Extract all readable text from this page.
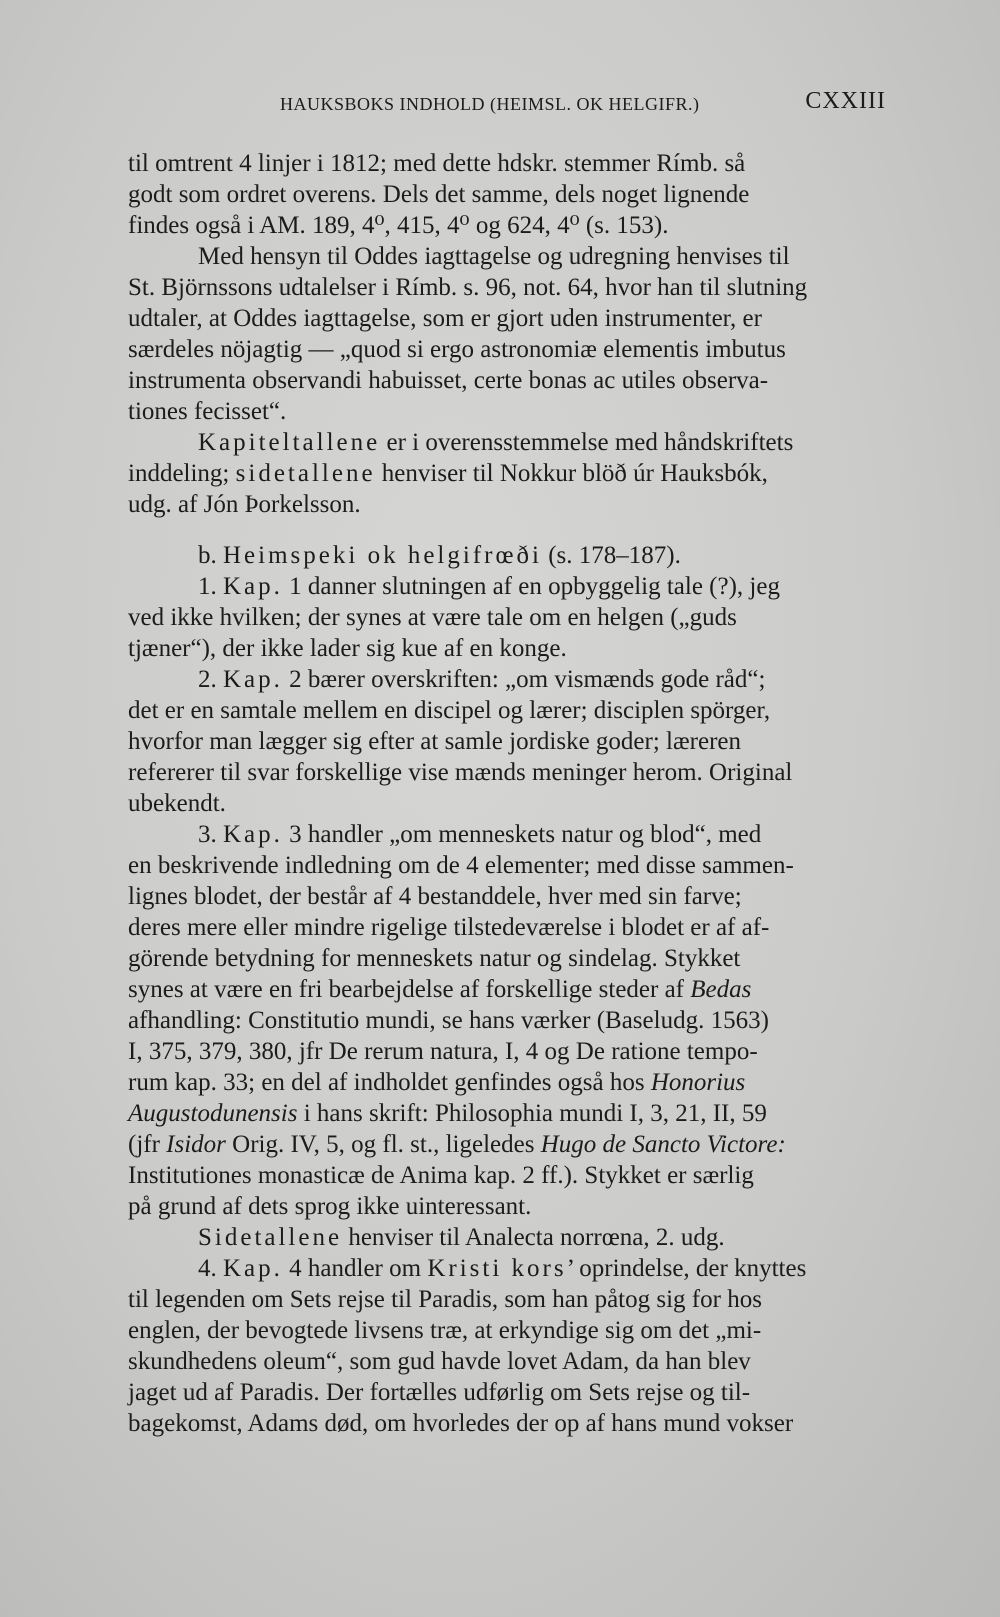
HAUKSBOKS INDHOLD (HEIMSL. OK HELGIFR.)	CXXIII
til omtrent 4 linjer i 1812; med dette hdskr. stemmer Rímb. så
godt som ordret overens. Dels det samme, dels noget lignende
findes også i AM. 189, 4⁰, 415, 4⁰ og 624, 4⁰ (s. 153).
Med hensyn til Oddes iagttagelse og udregning henvises til
St. Björnssons udtalelser i Rímb. s. 96, not. 64, hvor han til slutning
udtaler, at Oddes iagttagelse, som er gjort uden instrumenter, er
særdeles nöjagtig — „quod si ergo astronomiæ elementis imbutus
instrumenta observandi habuisset, certe bonas ac utiles observa-
tiones fecisset“.
Kapiteltallene er i overensstemmelse med håndskriftets
inddeling; sidetallene henviser til Nokkur blöð úr Hauksbók,
udg. af Jón Þorkelsson.
b. Heimspeki ok helgifrœði (s. 178–187).
1. Kap. 1 danner slutningen af en opbyggelig tale (?), jeg
ved ikke hvilken; der synes at være tale om en helgen („guds
tjæner“), der ikke lader sig kue af en konge.
2. Kap. 2 bærer overskriften: „om vismænds gode råd“;
det er en samtale mellem en discipel og lærer; disciplen spörger,
hvorfor man lægger sig efter at samle jordiske goder; læreren
refererer til svar forskellige vise mænds meninger herom. Original
ubekendt.
3. Kap. 3 handler „om menneskets natur og blod“, med
en beskrivende indledning om de 4 elementer; med disse sammen-
lignes blodet, der består af 4 bestanddele, hver med sin farve;
deres mere eller mindre rigelige tilstedeværelse i blodet er af af-
görende betydning for menneskets natur og sindelag. Stykket
synes at være en fri bearbejdelse af forskellige steder af Bedas
afhandling: Constitutio mundi, se hans værker (Baseludg. 1563)
I, 375, 379, 380, jfr De rerum natura, I, 4 og De ratione tempo-
rum kap. 33; en del af indholdet genfindes også hos Honorius
Augustodunensis i hans skrift: Philosophia mundi I, 3, 21, II, 59
(jfr Isidor Orig. IV, 5, og fl. st., ligeledes Hugo de Sancto Victore:
Institutiones monasticæ de Anima kap. 2 ff.). Stykket er særlig
på grund af dets sprog ikke uinteressant.
Sidetallene henviser til Analecta norrœna, 2. udg.
4. Kap. 4 handler om Kristi kors’ oprindelse, der knyttes
til legenden om Sets rejse til Paradis, som han påtog sig for hos
englen, der bevogtede livsens træ, at erkyndige sig om det „mi-
skundhedens oleum“, som gud havde lovet Adam, da han blev
jaget ud af Paradis. Der fortælles udførlig om Sets rejse og til-
bagekomst, Adams død, om hvorledes der op af hans mund vokser
